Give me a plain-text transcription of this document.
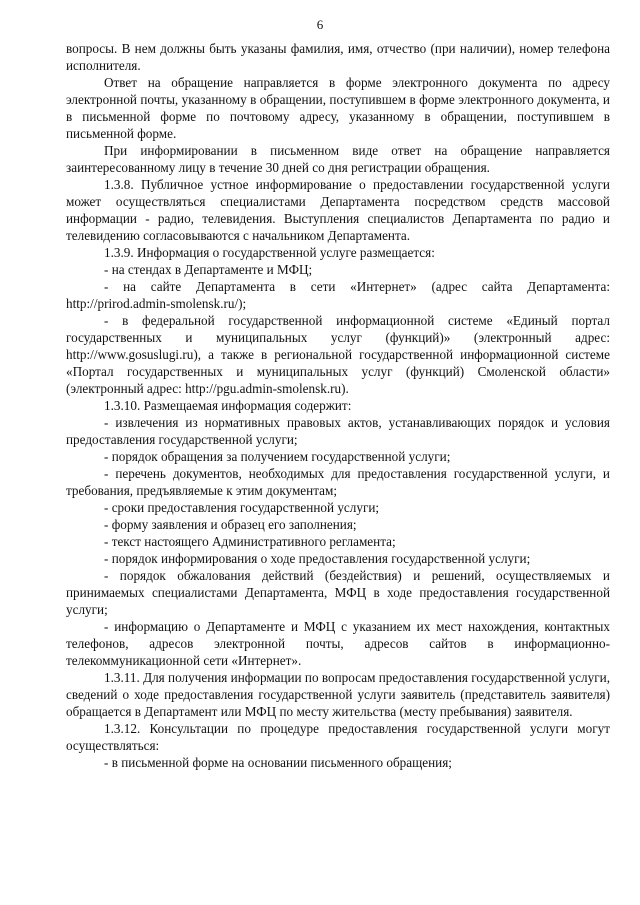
6

вопросы. В нем должны быть указаны фамилия, имя, отчество (при наличии), номер телефона исполнителя.

Ответ на обращение направляется в форме электронного документа по адресу электронной почты, указанному в обращении, поступившем в форме электронного документа, и в письменной форме по почтовому адресу, указанному в обращении, поступившем в письменной форме.

При информировании в письменном виде ответ на обращение направляется заинтересованному лицу в течение 30 дней со дня регистрации обращения.

1.3.8. Публичное устное информирование о предоставлении государственной услуги может осуществляться специалистами Департамента посредством средств массовой информации - радио, телевидения. Выступления специалистов Департамента по радио и телевидению согласовываются с начальником Департамента.

1.3.9. Информация о государственной услуге размещается:

- на стендах в Департаменте и МФЦ;

- на сайте Департамента в сети «Интернет» (адрес сайта Департамента: http://prirod.admin-smolensk.ru/);

- в федеральной государственной информационной системе «Единый портал государственных и муниципальных услуг (функций)» (электронный адрес: http://www.gosuslugi.ru), а также в региональной государственной информационной системе «Портал государственных и муниципальных услуг (функций) Смоленской области» (электронный адрес: http://pgu.admin-smolensk.ru).

1.3.10. Размещаемая информация содержит:

- извлечения из нормативных правовых актов, устанавливающих порядок и условия предоставления государственной услуги;

- порядок обращения за получением государственной услуги;

- перечень документов, необходимых для предоставления государственной услуги, и требования, предъявляемые к этим документам;

- сроки предоставления государственной услуги;

- форму заявления и образец его заполнения;

- текст настоящего Административного регламента;

- порядок информирования о ходе предоставления государственной услуги;

- порядок обжалования действий (бездействия) и решений, осуществляемых и принимаемых специалистами Департамента, МФЦ в ходе предоставления государственной услуги;

- информацию о Департаменте и МФЦ с указанием их мест нахождения, контактных телефонов, адресов электронной почты, адресов сайтов в информационно-телекоммуникационной сети «Интернет».

1.3.11. Для получения информации по вопросам предоставления государственной услуги, сведений о ходе предоставления государственной услуги заявитель (представитель заявителя) обращается в Департамент или МФЦ по месту жительства (месту пребывания) заявителя.

1.3.12. Консультации по процедуре предоставления государственной услуги могут осуществляться:

- в письменной форме на основании письменного обращения;
